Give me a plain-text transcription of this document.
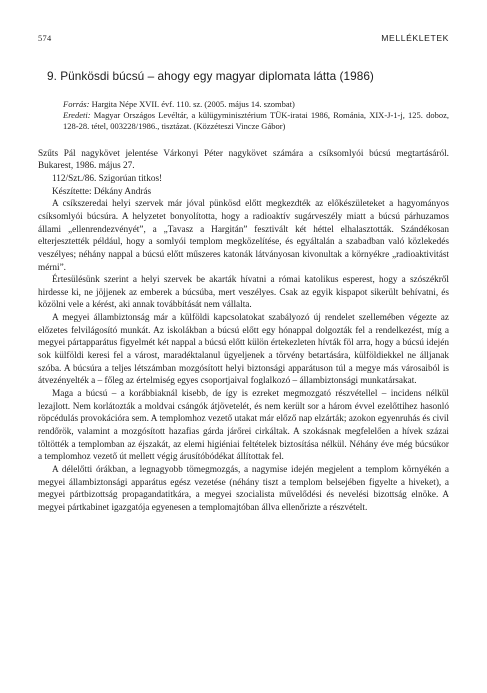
574	MELLÉKLETEK
9. Pünkösdi búcsú – ahogy egy magyar diplomata látta (1986)
Forrás: Hargita Népe XVII. évf. 110. sz. (2005. május 14. szombat)
Eredeti: Magyar Országos Levéltár, a külügyminisztérium TÜK-iratai 1986, Románia, XIX-J-1-j, 125. doboz, 128-28. tétel, 003228/1986., tisztázat. (Közzéteszi Vincze Gábor)

Szűts Pál nagykövet jelentése Várkonyi Péter nagykövet számára a csíksomlyói búcsú megtartásáról. Bukarest, 1986. május 27.

112/Szt./86. Szigorúan titkos!

Készítette: Dékány András

A csíkszeredai helyi szervek már jóval pünkösd előtt megkezdték az előkészületeket a hagyományos csíksomlyói búcsúra. A helyzetet bonyolította, hogy a radioaktív sugárveszély miatt a búcsú párhuzamos állami „ellenrendezvényét”, a „Tavasz a Hargitán” fesztivált két héttel elhalasztották. Szándékosan elterjesztették például, hogy a somlyói templom megközelítése, és egyáltalán a szabadban való közlekedés veszélyes; néhány nappal a búcsú előtt műszeres katonák látványosan kivonultak a környékre „radioaktivitást mérni”.

Értesülésünk szerint a helyi szervek be akarták hívatni a római katolikus esperest, hogy a szószékről hirdesse ki, ne jöjjenek az emberek a búcsúba, mert veszélyes. Csak az egyik kispapot sikerült behívatni, és közölni vele a kérést, aki annak továbbítását nem vállalta.

A megyei állambiztonság már a külföldi kapcsolatokat szabályozó új rendelet szellemében végezte az előzetes felvilágosító munkát. Az iskolákban a búcsú előtt egy hónappal dolgozták fel a rendelkezést, míg a megyei pártapparátus figyelmét két nappal a búcsú előtt külön értekezleten hívták föl arra, hogy a búcsú idején sok külföldi keresi fel a várost, maradéktalanul ügyeljenek a törvény betartására, külföldiekkel ne álljanak szóba. A búcsúra a teljes létszámban mozgósított helyi biztonsági apparátuson túl a megye más városaiból is átvezényelték a – főleg az értelmiség egyes csoportjaival foglalkozó – állambiztonsági munkatársakat.

Maga a búcsú – a korábbiaknál kisebb, de így is ezreket megmozgató részvétellel – incidens nélkül lezajlott. Nem korlátozták a moldvai csángók átjövetelét, és nem került sor a három évvel ezelőttihez hasonló röpcédulás provokációra sem. A templomhoz vezető utakat már előző nap elzárták; azokon egyenruhás és civil rendőrök, valamint a mozgósított hazafias gárda járőrei cirkáltak. A szokásnak megfelelően a hívek százai töltötték a templomban az éjszakát, az elemi higiéniai feltételek biztosítása nélkül. Néhány éve még búcsúkor a templomhoz vezető út mellett végig árusítóbódékat állítottak fel.

A délelőtti órákban, a legnagyobb tömegmozgás, a nagymise idején megjelent a templom környékén a megyei állambiztonsági apparátus egész vezetése (néhány tiszt a templom belsejében figyelte a hiveket), a megyei pártbizottság propagandatitkára, a megyei szocialista művelődési és nevelési bizottság elnöke. A megyei pártkabinet igazgatója egyenesen a templomajtóban állva ellenőrizte a részvételt.
